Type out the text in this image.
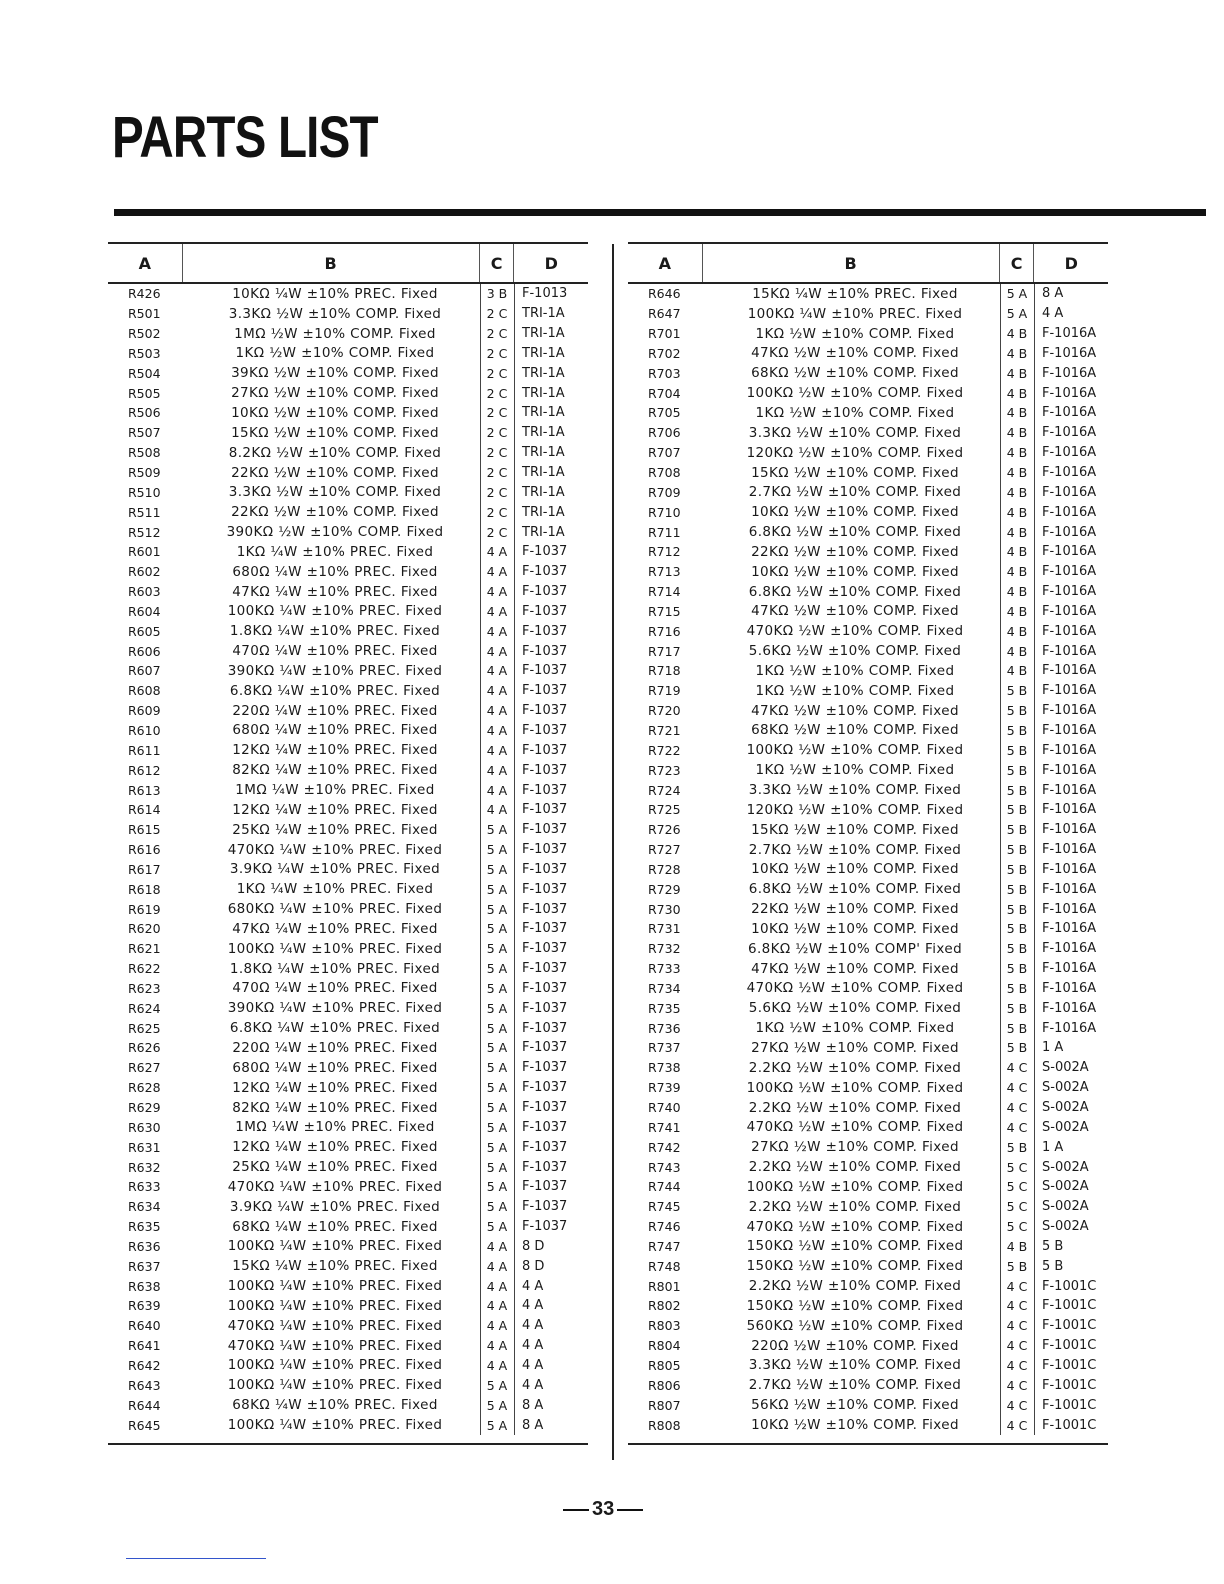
PARTS LIST
A	B	C	D
R426	10KΩ ¼W ±10% PREC. Fixed	3 B	F-1013
R501	3.3KΩ ½W ±10% COMP. Fixed	2 C	TRI-1A
R502	1MΩ ½W ±10% COMP. Fixed	2 C	TRI-1A
R503	1KΩ ½W ±10% COMP. Fixed	2 C	TRI-1A
R504	39KΩ ½W ±10% COMP. Fixed	2 C	TRI-1A
R505	27KΩ ½W ±10% COMP. Fixed	2 C	TRI-1A
R506	10KΩ ½W ±10% COMP. Fixed	2 C	TRI-1A
R507	15KΩ ½W ±10% COMP. Fixed	2 C	TRI-1A
R508	8.2KΩ ½W ±10% COMP. Fixed	2 C	TRI-1A
R509	22KΩ ½W ±10% COMP. Fixed	2 C	TRI-1A
R510	3.3KΩ ½W ±10% COMP. Fixed	2 C	TRI-1A
R511	22KΩ ½W ±10% COMP. Fixed	2 C	TRI-1A
R512	390KΩ ½W ±10% COMP. Fixed	2 C	TRI-1A
R601	1KΩ ¼W ±10% PREC. Fixed	4 A	F-1037
R602	680Ω ¼W ±10% PREC. Fixed	4 A	F-1037
R603	47KΩ ¼W ±10% PREC. Fixed	4 A	F-1037
R604	100KΩ ¼W ±10% PREC. Fixed	4 A	F-1037
R605	1.8KΩ ¼W ±10% PREC. Fixed	4 A	F-1037
R606	470Ω ¼W ±10% PREC. Fixed	4 A	F-1037
R607	390KΩ ¼W ±10% PREC. Fixed	4 A	F-1037
R608	6.8KΩ ¼W ±10% PREC. Fixed	4 A	F-1037
R609	220Ω ¼W ±10% PREC. Fixed	4 A	F-1037
R610	680Ω ¼W ±10% PREC. Fixed	4 A	F-1037
R611	12KΩ ¼W ±10% PREC. Fixed	4 A	F-1037
R612	82KΩ ¼W ±10% PREC. Fixed	4 A	F-1037
R613	1MΩ ¼W ±10% PREC. Fixed	4 A	F-1037
R614	12KΩ ¼W ±10% PREC. Fixed	4 A	F-1037
R615	25KΩ ¼W ±10% PREC. Fixed	5 A	F-1037
R616	470KΩ ¼W ±10% PREC. Fixed	5 A	F-1037
R617	3.9KΩ ¼W ±10% PREC. Fixed	5 A	F-1037
R618	1KΩ ¼W ±10% PREC. Fixed	5 A	F-1037
R619	680KΩ ¼W ±10% PREC. Fixed	5 A	F-1037
R620	47KΩ ¼W ±10% PREC. Fixed	5 A	F-1037
R621	100KΩ ¼W ±10% PREC. Fixed	5 A	F-1037
R622	1.8KΩ ¼W ±10% PREC. Fixed	5 A	F-1037
R623	470Ω ¼W ±10% PREC. Fixed	5 A	F-1037
R624	390KΩ ¼W ±10% PREC. Fixed	5 A	F-1037
R625	6.8KΩ ¼W ±10% PREC. Fixed	5 A	F-1037
R626	220Ω ¼W ±10% PREC. Fixed	5 A	F-1037
R627	680Ω ¼W ±10% PREC. Fixed	5 A	F-1037
R628	12KΩ ¼W ±10% PREC. Fixed	5 A	F-1037
R629	82KΩ ¼W ±10% PREC. Fixed	5 A	F-1037
R630	1MΩ ¼W ±10% PREC. Fixed	5 A	F-1037
R631	12KΩ ¼W ±10% PREC. Fixed	5 A	F-1037
R632	25KΩ ¼W ±10% PREC. Fixed	5 A	F-1037
R633	470KΩ ¼W ±10% PREC. Fixed	5 A	F-1037
R634	3.9KΩ ¼W ±10% PREC. Fixed	5 A	F-1037
R635	68KΩ ¼W ±10% PREC. Fixed	5 A	F-1037
R636	100KΩ ¼W ±10% PREC. Fixed	4 A	8 D
R637	15KΩ ¼W ±10% PREC. Fixed	4 A	8 D
R638	100KΩ ¼W ±10% PREC. Fixed	4 A	4 A
R639	100KΩ ¼W ±10% PREC. Fixed	4 A	4 A
R640	470KΩ ¼W ±10% PREC. Fixed	4 A	4 A
R641	470KΩ ¼W ±10% PREC. Fixed	4 A	4 A
R642	100KΩ ¼W ±10% PREC. Fixed	4 A	4 A
R643	100KΩ ¼W ±10% PREC. Fixed	5 A	4 A
R644	68KΩ ¼W ±10% PREC. Fixed	5 A	8 A
R645	100KΩ ¼W ±10% PREC. Fixed	5 A	8 A
A	B	C	D
R646	15KΩ ¼W ±10% PREC. Fixed	5 A	8 A
R647	100KΩ ¼W ±10% PREC. Fixed	5 A	4 A
R701	1KΩ ½W ±10% COMP. Fixed	4 B	F-1016A
R702	47KΩ ½W ±10% COMP. Fixed	4 B	F-1016A
R703	68KΩ ½W ±10% COMP. Fixed	4 B	F-1016A
R704	100KΩ ½W ±10% COMP. Fixed	4 B	F-1016A
R705	1KΩ ½W ±10% COMP. Fixed	4 B	F-1016A
R706	3.3KΩ ½W ±10% COMP. Fixed	4 B	F-1016A
R707	120KΩ ½W ±10% COMP. Fixed	4 B	F-1016A
R708	15KΩ ½W ±10% COMP. Fixed	4 B	F-1016A
R709	2.7KΩ ½W ±10% COMP. Fixed	4 B	F-1016A
R710	10KΩ ½W ±10% COMP. Fixed	4 B	F-1016A
R711	6.8KΩ ½W ±10% COMP. Fixed	4 B	F-1016A
R712	22KΩ ½W ±10% COMP. Fixed	4 B	F-1016A
R713	10KΩ ½W ±10% COMP. Fixed	4 B	F-1016A
R714	6.8KΩ ½W ±10% COMP. Fixed	4 B	F-1016A
R715	47KΩ ½W ±10% COMP. Fixed	4 B	F-1016A
R716	470KΩ ½W ±10% COMP. Fixed	4 B	F-1016A
R717	5.6KΩ ½W ±10% COMP. Fixed	4 B	F-1016A
R718	1KΩ ½W ±10% COMP. Fixed	4 B	F-1016A
R719	1KΩ ½W ±10% COMP. Fixed	5 B	F-1016A
R720	47KΩ ½W ±10% COMP. Fixed	5 B	F-1016A
R721	68KΩ ½W ±10% COMP. Fixed	5 B	F-1016A
R722	100KΩ ½W ±10% COMP. Fixed	5 B	F-1016A
R723	1KΩ ½W ±10% COMP. Fixed	5 B	F-1016A
R724	3.3KΩ ½W ±10% COMP. Fixed	5 B	F-1016A
R725	120KΩ ½W ±10% COMP. Fixed	5 B	F-1016A
R726	15KΩ ½W ±10% COMP. Fixed	5 B	F-1016A
R727	2.7KΩ ½W ±10% COMP. Fixed	5 B	F-1016A
R728	10KΩ ½W ±10% COMP. Fixed	5 B	F-1016A
R729	6.8KΩ ½W ±10% COMP. Fixed	5 B	F-1016A
R730	22KΩ ½W ±10% COMP. Fixed	5 B	F-1016A
R731	10KΩ ½W ±10% COMP. Fixed	5 B	F-1016A
R732	6.8KΩ ½W ±10% COMP' Fixed	5 B	F-1016A
R733	47KΩ ½W ±10% COMP. Fixed	5 B	F-1016A
R734	470KΩ ½W ±10% COMP. Fixed	5 B	F-1016A
R735	5.6KΩ ½W ±10% COMP. Fixed	5 B	F-1016A
R736	1KΩ ½W ±10% COMP. Fixed	5 B	F-1016A
R737	27KΩ ½W ±10% COMP. Fixed	5 B	1 A
R738	2.2KΩ ½W ±10% COMP. Fixed	4 C	S-002A
R739	100KΩ ½W ±10% COMP. Fixed	4 C	S-002A
R740	2.2KΩ ½W ±10% COMP. Fixed	4 C	S-002A
R741	470KΩ ½W ±10% COMP. Fixed	4 C	S-002A
R742	27KΩ ½W ±10% COMP. Fixed	5 B	1 A
R743	2.2KΩ ½W ±10% COMP. Fixed	5 C	S-002A
R744	100KΩ ½W ±10% COMP. Fixed	5 C	S-002A
R745	2.2KΩ ½W ±10% COMP. Fixed	5 C	S-002A
R746	470KΩ ½W ±10% COMP. Fixed	5 C	S-002A
R747	150KΩ ½W ±10% COMP. Fixed	4 B	5 B
R748	150KΩ ½W ±10% COMP. Fixed	5 B	5 B
R801	2.2KΩ ½W ±10% COMP. Fixed	4 C	F-1001C
R802	150KΩ ½W ±10% COMP. Fixed	4 C	F-1001C
R803	560KΩ ½W ±10% COMP. Fixed	4 C	F-1001C
R804	220Ω ½W ±10% COMP. Fixed	4 C	F-1001C
R805	3.3KΩ ½W ±10% COMP. Fixed	4 C	F-1001C
R806	2.7KΩ ½W ±10% COMP. Fixed	4 C	F-1001C
R807	56KΩ ½W ±10% COMP. Fixed	4 C	F-1001C
R808	10KΩ ½W ±10% COMP. Fixed	4 C	F-1001C
33
